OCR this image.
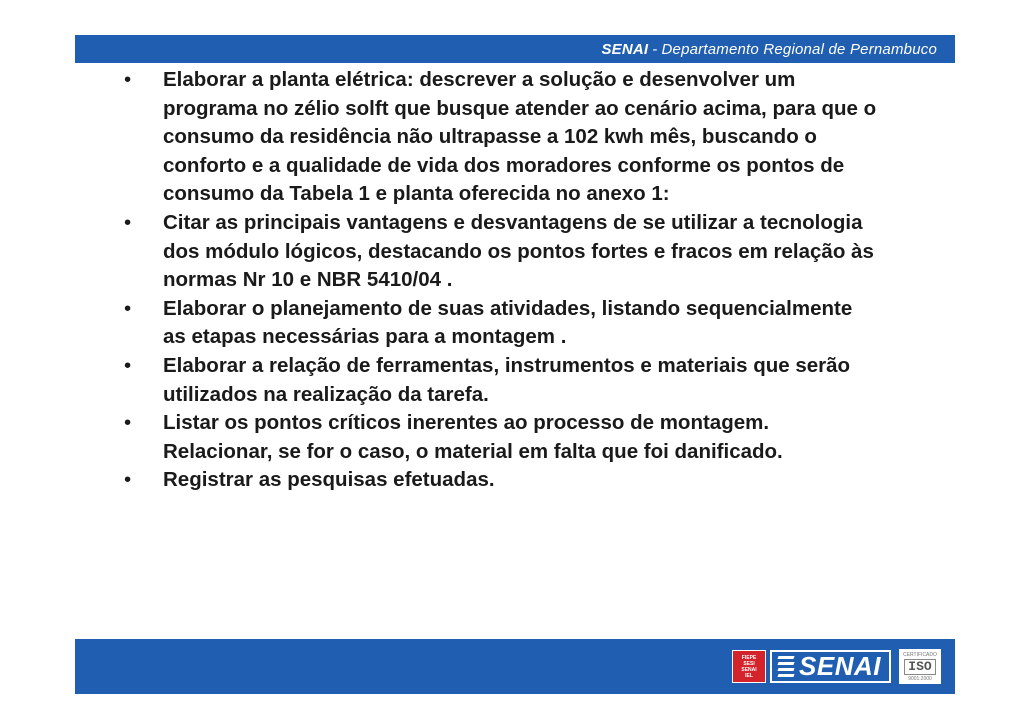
SENAI - Departamento Regional de Pernambuco
• Elaborar a planta elétrica: descrever a solução e desenvolver um programa no zélio solft que busque atender ao cenário acima, para que o consumo da residência não ultrapasse a 102 kwh mês, buscando o conforto e a qualidade de vida dos moradores conforme os pontos de consumo da Tabela 1 e planta oferecida no anexo 1:
• Citar as principais vantagens e desvantagens de se utilizar a tecnologia dos módulo lógicos, destacando os pontos fortes e fracos em relação às normas Nr 10 e NBR 5410/04 .
• Elaborar o planejamento de suas atividades, listando sequencialmente as etapas necessárias para a montagem .
• Elaborar a relação de ferramentas, instrumentos e materiais que serão utilizados na realização da tarefa.
• Listar os pontos críticos inerentes ao processo de montagem. Relacionar, se for o caso, o material em falta que foi danificado.
• Registrar as pesquisas efetuadas.
FIEPE
SESI
SENAI
IEL SENAI	CERTIFICADO
ISO
9001:2000
